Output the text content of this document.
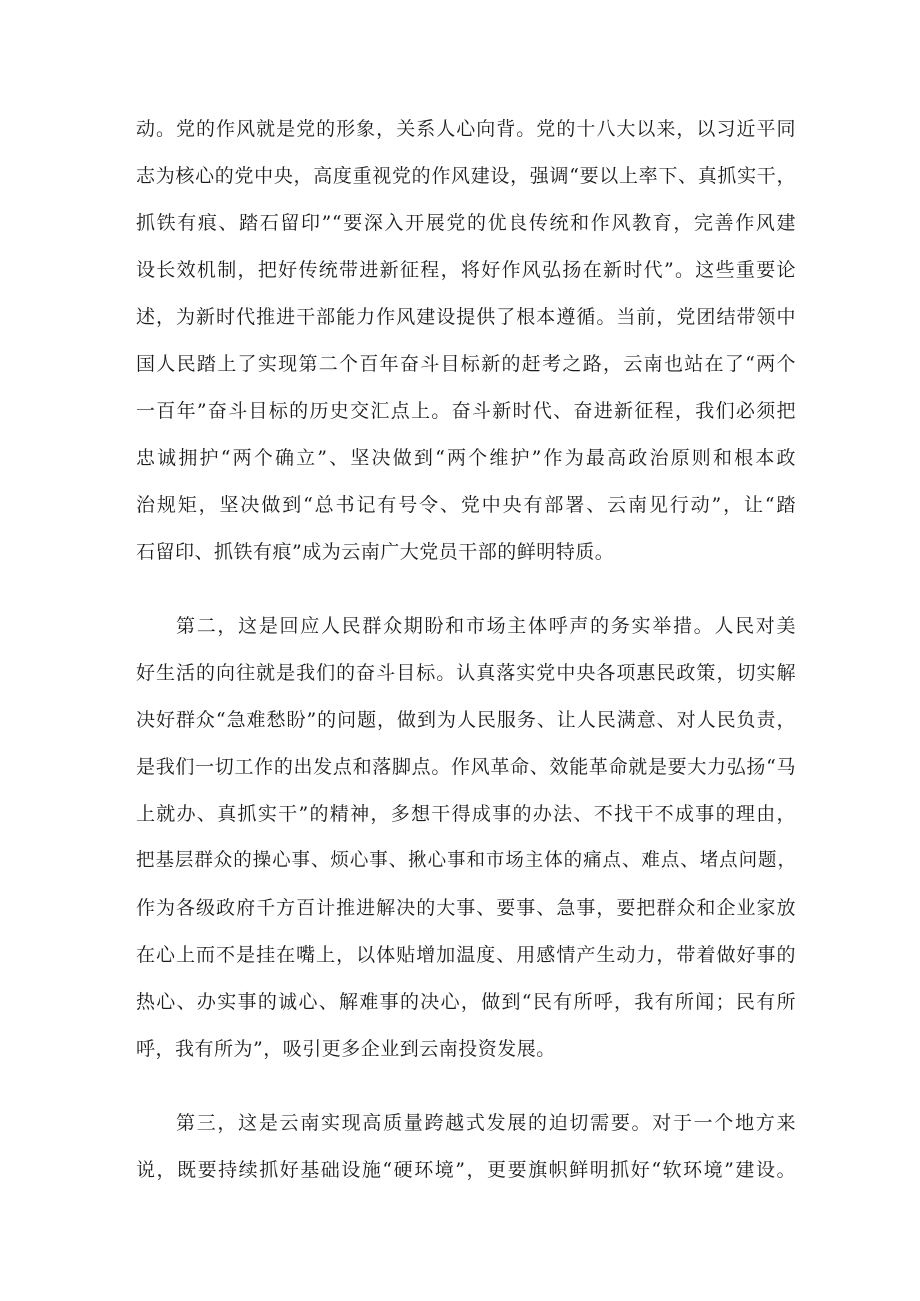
动。党的作风就是党的形象，关系人心向背。党的十八大以来，以习近平同
志为核心的党中央，高度重视党的作风建设，强调“要以上率下、真抓实干，
抓铁有痕、踏石留印”“要深入开展党的优良传统和作风教育，完善作风建
设长效机制，把好传统带进新征程，将好作风弘扬在新时代”。这些重要论
述，为新时代推进干部能力作风建设提供了根本遵循。当前，党团结带领中
国人民踏上了实现第二个百年奋斗目标新的赶考之路，云南也站在了“两个
一百年”奋斗目标的历史交汇点上。奋斗新时代、奋进新征程，我们必须把
忠诚拥护“两个确立”、坚决做到“两个维护”作为最高政治原则和根本政
治规矩，坚决做到“总书记有号令、党中央有部署、云南见行动”，让“踏
石留印、抓铁有痕”成为云南广大党员干部的鲜明特质。
第二，这是回应人民群众期盼和市场主体呼声的务实举措。人民对美
好生活的向往就是我们的奋斗目标。认真落实党中央各项惠民政策，切实解
决好群众“急难愁盼”的问题，做到为人民服务、让人民满意、对人民负责，
是我们一切工作的出发点和落脚点。作风革命、效能革命就是要大力弘扬“马
上就办、真抓实干”的精神，多想干得成事的办法、不找干不成事的理由，
把基层群众的操心事、烦心事、揪心事和市场主体的痛点、难点、堵点问题，
作为各级政府千方百计推进解决的大事、要事、急事，要把群众和企业家放
在心上而不是挂在嘴上，以体贴增加温度、用感情产生动力，带着做好事的
热心、办实事的诚心、解难事的决心，做到“民有所呼，我有所闻；民有所
呼，我有所为”，吸引更多企业到云南投资发展。
第三，这是云南实现高质量跨越式发展的迫切需要。对于一个地方来
说，既要持续抓好基础设施“硬环境”，更要旗帜鲜明抓好“软环境”建设。
